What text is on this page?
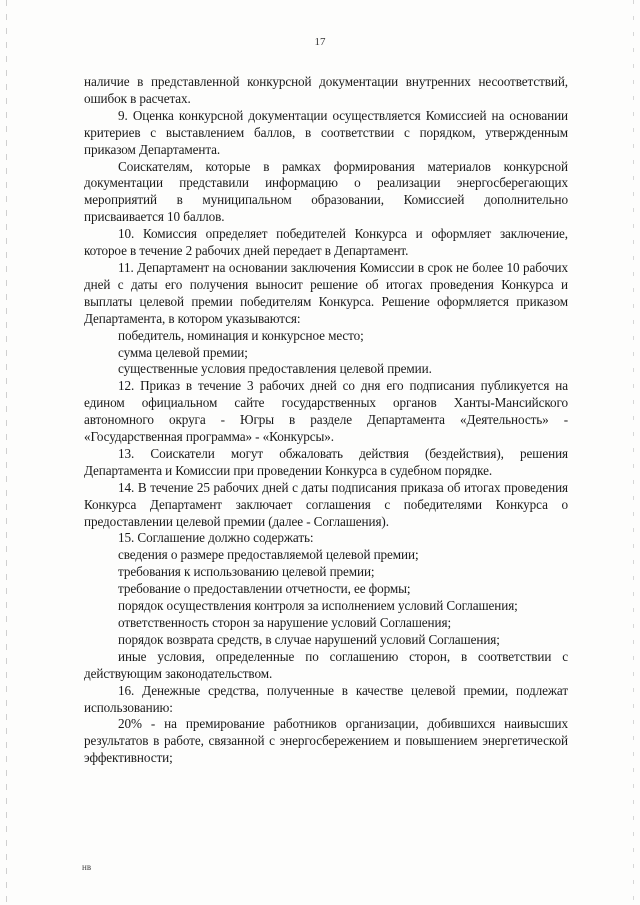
17

наличие в представленной конкурсной документации внутренних несоответствий, ошибок в расчетах.

9. Оценка конкурсной документации осуществляется Комиссией на основании критериев с выставлением баллов, в соответствии с порядком, утвержденным приказом Департамента.

Соискателям, которые в рамках формирования материалов конкурсной документации представили информацию о реализации энергосберегающих мероприятий в муниципальном образовании, Комиссией дополнительно присваивается 10 баллов.

10. Комиссия определяет победителей Конкурса и оформляет заключение, которое в течение 2 рабочих дней передает в Департамент.

11. Департамент на основании заключения Комиссии в срок не более 10 рабочих дней с даты его получения выносит решение об итогах проведения Конкурса и выплаты целевой премии победителям Конкурса. Решение оформляется приказом Департамента, в котором указываются:

победитель, номинация и конкурсное место;

сумма целевой премии;

существенные условия предоставления целевой премии.

12. Приказ в течение 3 рабочих дней со дня его подписания публикуется на едином официальном сайте государственных органов Ханты-Мансийского автономного округа - Югры в разделе Департамента «Деятельность» - «Государственная программа» - «Конкурсы».

13. Соискатели могут обжаловать действия (бездействия), решения Департамента и Комиссии при проведении Конкурса в судебном порядке.

14. В течение 25 рабочих дней с даты подписания приказа об итогах проведения Конкурса Департамент заключает соглашения с победителями Конкурса о предоставлении целевой премии (далее - Соглашения).

15. Соглашение должно содержать:

сведения о размере предоставляемой целевой премии;

требования к использованию целевой премии;

требование о предоставлении отчетности, ее формы;

порядок осуществления контроля за исполнением условий Соглашения;

ответственность сторон за нарушение условий Соглашения;

порядок возврата средств, в случае нарушений условий Соглашения;

иные условия, определенные по соглашению сторон, в соответствии с действующим законодательством.

16. Денежные средства, полученные в качестве целевой премии, подлежат использованию:

20% - на премирование работников организации, добившихся наивысших результатов в работе, связанной с энергосбережением и повышением энергетической эффективности;

нв
